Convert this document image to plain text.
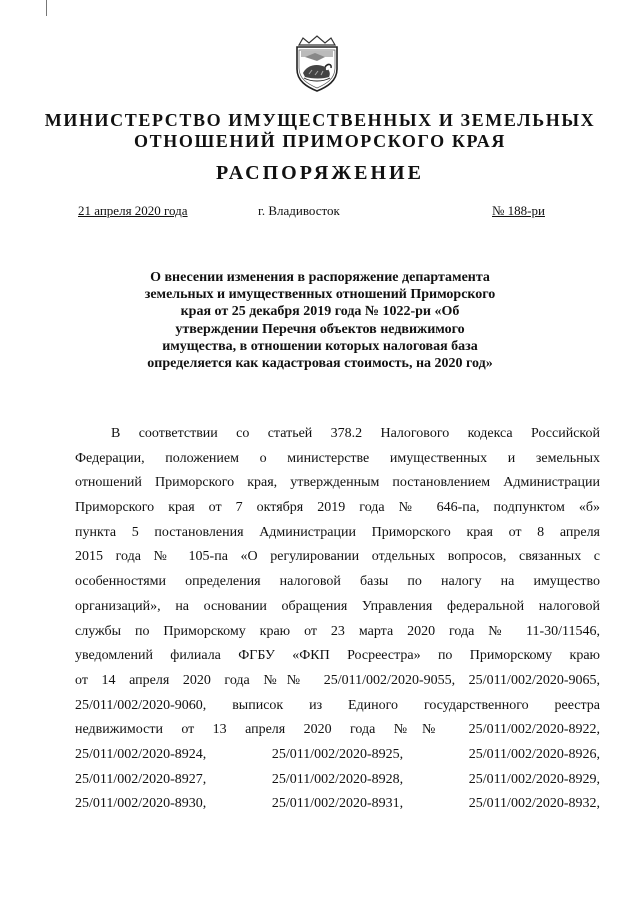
МИНИСТЕРСТВО ИМУЩЕСТВЕННЫХ И ЗЕМЕЛЬНЫХ
ОТНОШЕНИЙ ПРИМОРСКОГО КРАЯ
РАСПОРЯЖЕНИЕ
21 апреля 2020 года	г. Владивосток	№ 188-ри
О внесении изменения в распоряжение департамента
земельных и имущественных отношений Приморского
края от 25 декабря 2019 года № 1022-ри «Об
утверждении Перечня объектов недвижимого
имущества, в отношении которых налоговая база
определяется как кадастровая стоимость, на 2020 год»
В соответствии со статьей 378.2 Налогового кодекса Российской
Федерации, положением о министерстве имущественных и земельных
отношений Приморского края, утвержденным постановлением Администрации
Приморского края от 7 октября 2019 года № 646-па, подпунктом «б»
пункта 5 постановления Администрации Приморского края от 8 апреля
2015 года № 105-па «О регулировании отдельных вопросов, связанных с
особенностями определения налоговой базы по налогу на имущество
организаций», на основании обращения Управления федеральной налоговой
службы по Приморскому краю от 23 марта 2020 года № 11-30/11546,
уведомлений филиала ФГБУ «ФКП Росреестра» по Приморскому краю
от 14 апреля 2020 года №№ 25/011/002/2020-9055, 25/011/002/2020-9065,
25/011/002/2020-9060, выписок из Единого государственного реестра
недвижимости от 13 апреля 2020 года №№ 25/011/002/2020-8922,
25/011/002/2020-8924,	25/011/002/2020-8925,	25/011/002/2020-8926,
25/011/002/2020-8927,	25/011/002/2020-8928,	25/011/002/2020-8929,
25/011/002/2020-8930,	25/011/002/2020-8931,	25/011/002/2020-8932,
